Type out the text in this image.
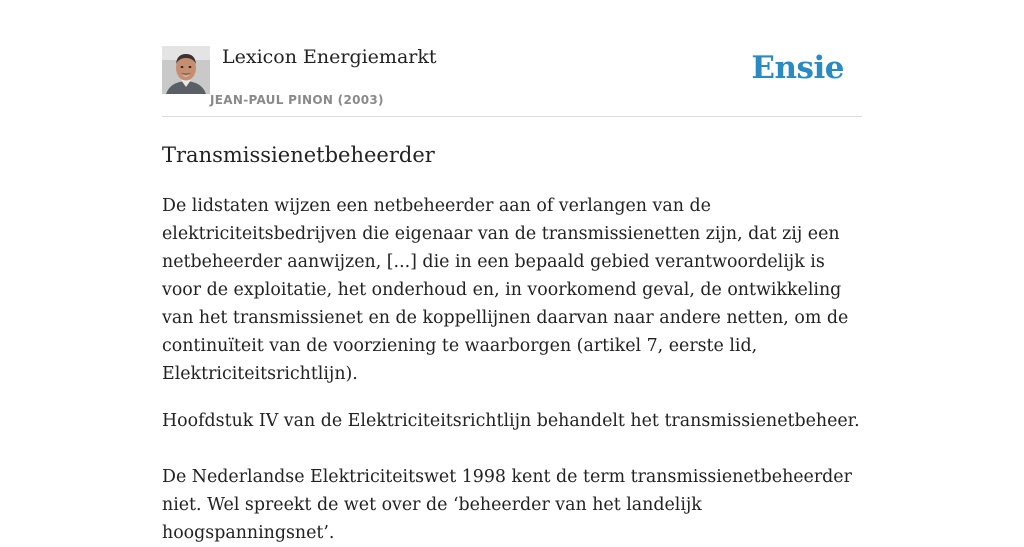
Lexicon Energiemarkt
JEAN-PAUL PINON (2003)
Ensie
Transmissienetbeheerder

De lidstaten wijzen een netbeheerder aan of verlangen van de elektriciteitsbedrijven die eigenaar van de transmissienetten zijn, dat zij een netbeheerder aanwijzen, [...] die in een bepaald gebied verantwoordelijk is voor de exploitatie, het onderhoud en, in voorkomend geval, de ontwikkeling van het transmissienet en de koppellijnen daarvan naar andere netten, om de continuïteit van de voorziening te waarborgen (artikel 7, eerste lid, Elektriciteitsrichtlijn).

Hoofdstuk IV van de Elektriciteitsrichtlijn behandelt het transmissienetbeheer.

De Nederlandse Elektriciteitswet 1998 kent de term transmissienetbeheerder niet. Wel spreekt de wet over de ‘beheerder van het landelijk hoogspanningsnet’.
